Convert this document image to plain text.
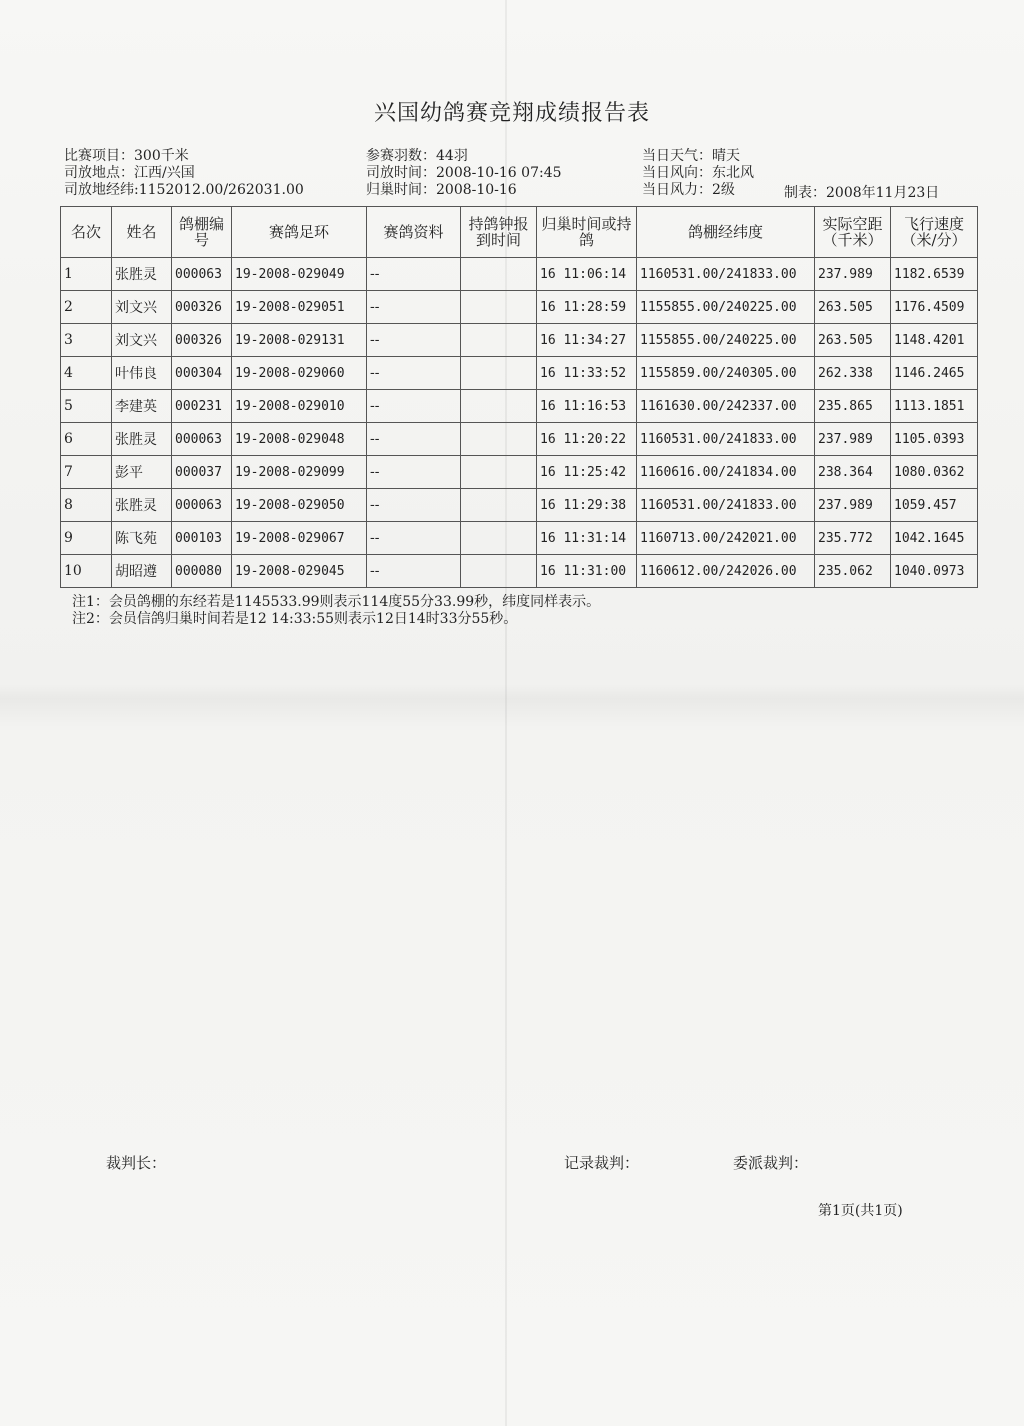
兴国幼鸽赛竞翔成绩报告表
比赛项目：300千米
司放地点：江西/兴国
司放地经纬:1152012.00/262031.00
参赛羽数：44羽
司放时间：2008-10-16 07:45
归巢时间：2008-10-16
当日天气：晴天
当日风向：东北风
当日风力：2级	制表：2008年11月23日
名次	姓名	鸽棚编号	赛鸽足环	赛鸽资料	持鸽钟报到时间	归巢时间或持鸽	鸽棚经纬度	实际空距（千米）	飞行速度（米/分）
1	张胜灵	000063	19-2008-029049	--		16 11:06:14	1160531.00/241833.00	237.989	1182.6539
2	刘文兴	000326	19-2008-029051	--		16 11:28:59	1155855.00/240225.00	263.505	1176.4509
3	刘文兴	000326	19-2008-029131	--		16 11:34:27	1155855.00/240225.00	263.505	1148.4201
4	叶伟良	000304	19-2008-029060	--		16 11:33:52	1155859.00/240305.00	262.338	1146.2465
5	李建英	000231	19-2008-029010	--		16 11:16:53	1161630.00/242337.00	235.865	1113.1851
6	张胜灵	000063	19-2008-029048	--		16 11:20:22	1160531.00/241833.00	237.989	1105.0393
7	彭平	000037	19-2008-029099	--		16 11:25:42	1160616.00/241834.00	238.364	1080.0362
8	张胜灵	000063	19-2008-029050	--		16 11:29:38	1160531.00/241833.00	237.989	1059.457
9	陈飞苑	000103	19-2008-029067	--		16 11:31:14	1160713.00/242021.00	235.772	1042.1645
10	胡昭遵	000080	19-2008-029045	--		16 11:31:00	1160612.00/242026.00	235.062	1040.0973
注1：会员鸽棚的东经若是1145533.99则表示114度55分33.99秒，纬度同样表示。
注2：会员信鸽归巢时间若是12 14:33:55则表示12日14时33分55秒。
裁判长：	记录裁判：	委派裁判：
第1页(共1页)
